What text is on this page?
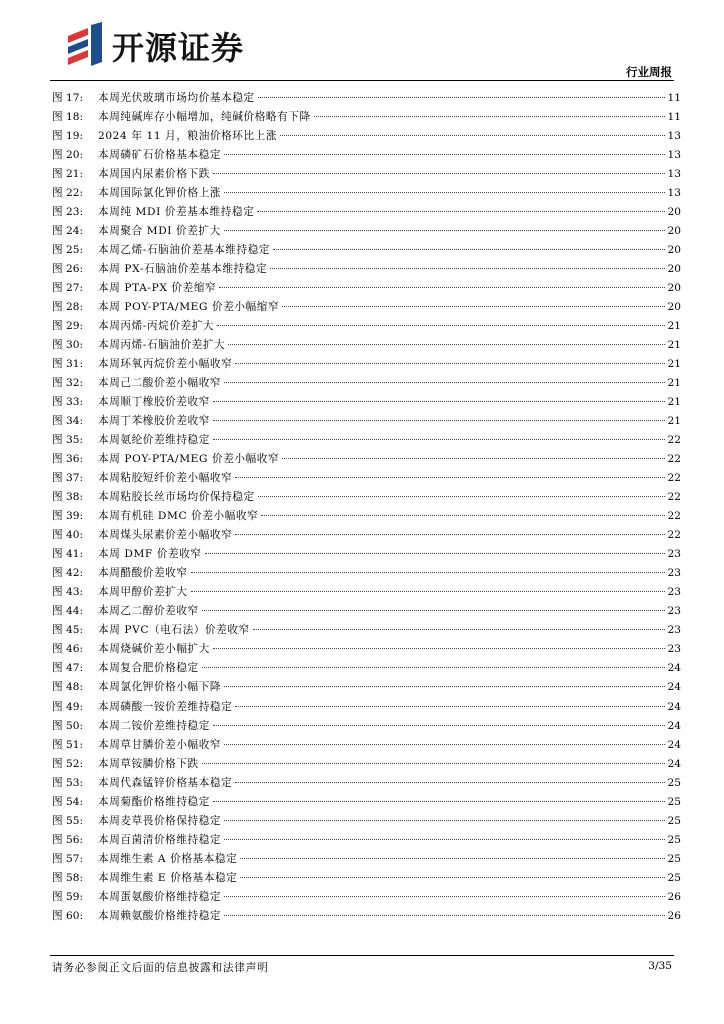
开源证券
行业周报
图 17:	本周光伏玻璃市场均价基本稳定	11
图 18:	本周纯碱库存小幅增加，纯碱价格略有下降	11
图 19:	2024 年 11 月，粮油价格环比上涨	13
图 20:	本周磷矿石价格基本稳定	13
图 21:	本周国内尿素价格下跌	13
图 22:	本周国际氯化钾价格上涨	13
图 23:	本周纯 MDI 价差基本维持稳定	20
图 24:	本周聚合 MDI 价差扩大	20
图 25:	本周乙烯-石脑油价差基本维持稳定	20
图 26:	本周 PX-石脑油价差基本维持稳定	20
图 27:	本周 PTA-PX 价差缩窄	20
图 28:	本周 POY-PTA/MEG 价差小幅缩窄	20
图 29:	本周丙烯-丙烷价差扩大	21
图 30:	本周丙烯-石脑油价差扩大	21
图 31:	本周环氧丙烷价差小幅收窄	21
图 32:	本周己二酸价差小幅收窄	21
图 33:	本周顺丁橡胶价差收窄	21
图 34:	本周丁苯橡胶价差收窄	21
图 35:	本周氨纶价差维持稳定	22
图 36:	本周 POY-PTA/MEG 价差小幅收窄	22
图 37:	本周粘胶短纤价差小幅收窄	22
图 38:	本周粘胶长丝市场均价保持稳定	22
图 39:	本周有机硅 DMC 价差小幅收窄	22
图 40:	本周煤头尿素价差小幅收窄	22
图 41:	本周 DMF 价差收窄	23
图 42:	本周醋酸价差收窄	23
图 43:	本周甲醇价差扩大	23
图 44:	本周乙二醇价差收窄	23
图 45:	本周 PVC（电石法）价差收窄	23
图 46:	本周烧碱价差小幅扩大	23
图 47:	本周复合肥价格稳定	24
图 48:	本周氯化钾价格小幅下降	24
图 49:	本周磷酸一铵价差维持稳定	24
图 50:	本周二铵价差维持稳定	24
图 51:	本周草甘膦价差小幅收窄	24
图 52:	本周草铵膦价格下跌	24
图 53:	本周代森锰锌价格基本稳定	25
图 54:	本周菊酯价格维持稳定	25
图 55:	本周麦草畏价格保持稳定	25
图 56:	本周百菌清价格维持稳定	25
图 57:	本周维生素 A 价格基本稳定	25
图 58:	本周维生素 E 价格基本稳定	25
图 59:	本周蛋氨酸价格维持稳定	26
图 60:	本周赖氨酸价格维持稳定	26
请务必参阅正文后面的信息披露和法律声明	3/35
